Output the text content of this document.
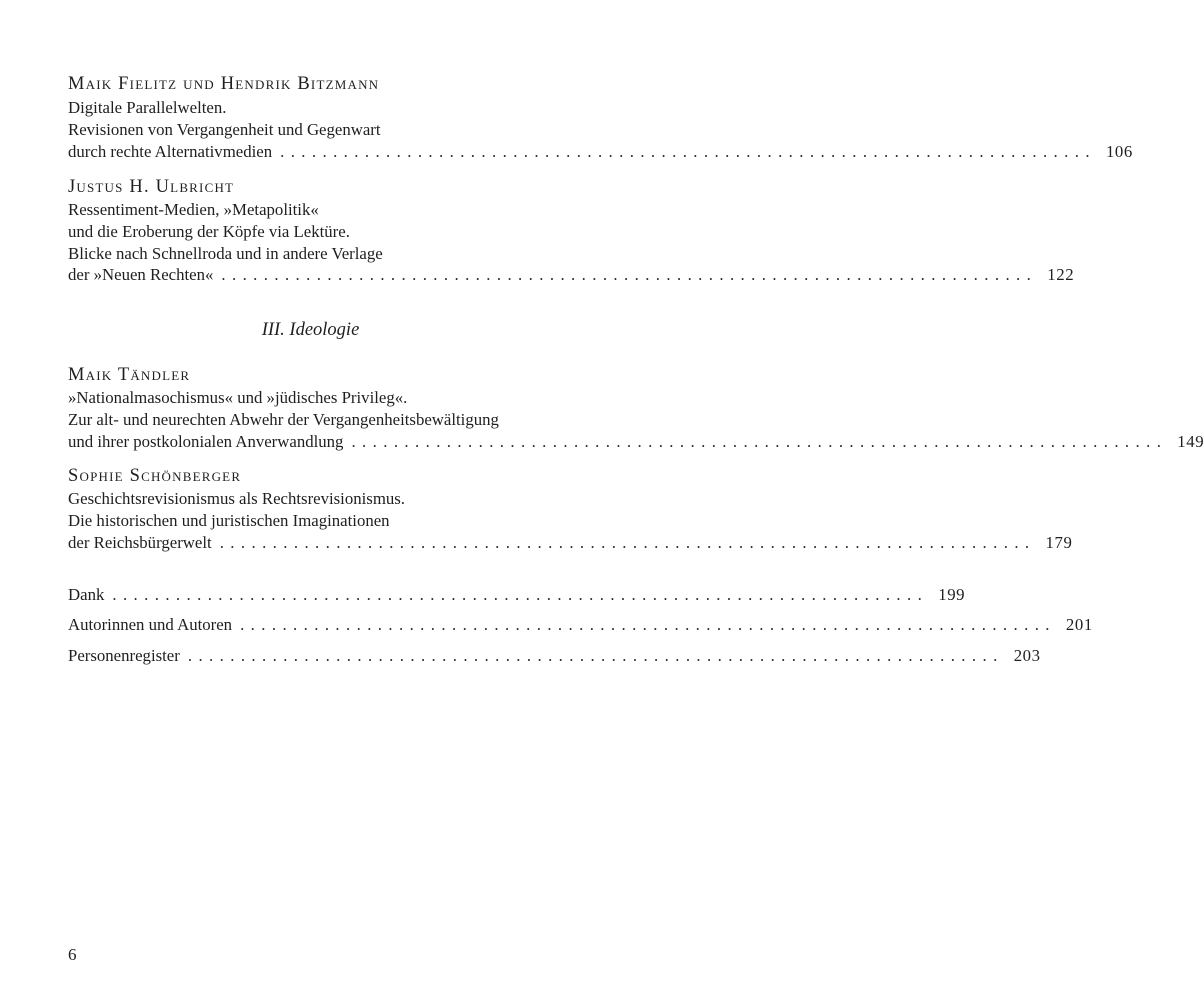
Maik Fielitz und Hendrik Bitzmann
Digitale Parallelwelten.
Revisionen von Vergangenheit und Gegenwart
durch rechte Alternativmedien ............................................................................. 106
Justus H. Ulbricht
Ressentiment-Medien, »Metapolitik«
und die Eroberung der Köpfe via Lektüre.
Blicke nach Schnellroda und in andere Verlage
der »Neuen Rechten« ............................................................................. 122
III. Ideologie
Maik Tändler
»Nationalmasochismus« und »jüdisches Privileg«.
Zur alt- und neurechten Abwehr der Vergangenheitsbewältigung
und ihrer postkolonialen Anverwandlung ............................................................................. 149
Sophie Schönberger
Geschichtsrevisionismus als Rechtsrevisionismus.
Die historischen und juristischen Imaginationen
der Reichsbürgerwelt ............................................................................. 179
Dank ............................................................................. 199
Autorinnen und Autoren ............................................................................. 201
Personenregister ............................................................................. 203
6
